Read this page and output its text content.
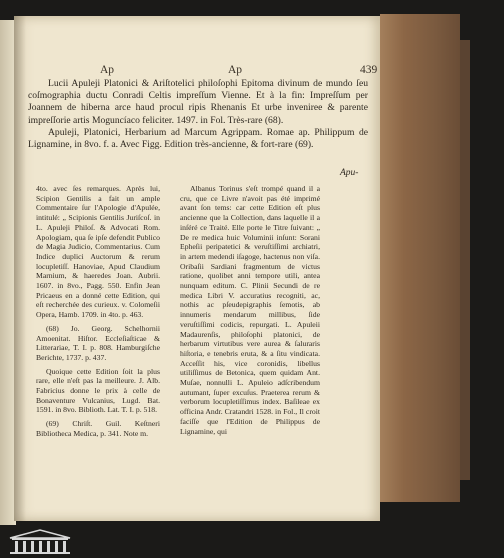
Ap	Ap	439

Lucii Apuleji Platonici & Ariſtotelici philoſophi Epitoma divinum de mundo ſeu coſmographia ductu Conradi Celtis impreſſum Vienne. Et à la fin: Impreſſum per Joannem de hiberna arce haud procul ripis Rhenanis Et urbe inveniree & parente impreſſorie artis Moguncíaco feliciter. 1497. in Fol. Très-rare (68).

Apuleji, Platonici, Herbarium ad Marcum Agrippam. Romae ap. Philippum de Lignamine, in 8vo. f. a. Avec Figg. Edition très-ancienne, & fort-rare (69).

Apu-

4to. avec ſes remarques. Après lui, Scipion Gentilis a fait un ample Commentaire ſur l'Apologie d'Apulée, intitulé: „ Scipionis Gentilis Juriſcoſ. in L. Apuleji Philoſ. & Advocati Rom. Apologiam, qua ſe ipſe defendit Publico de Magia Judicio, Commentarius. Cum Indice duplici Auctorum & rerum locupletiſſ. Hanoviae, Apud Claudium Marnium, & haeredes Joan. Aubrii. 1607. in 8vo., Pagg. 550. Enfin Jean Pricaeus en a donné cette Edition, qui eſt recherchée des curieux. v. Colomeſii Opera, Hamb. 1709. in 4to. p. 463.

(68) Jo. Georg. Schelhornii Amoenitat. Hiſtor. Eccleſiaſticae & Litterariae, T. I. p. 808. Hamburgiſche Berichte, 1737. p. 437.

Quoique cette Edition ſoit la plus rare, elle n'eſt pas la meilleure. J. Alb. Fabricius donne le prix à celle de Bonaventure Vulcanius, Lugd. Bat. 1591. in 8vo. Biblioth. Lat. T. I. p. 518.

(69) Chriſt. Guil. Keſtneri Bibliotheca Medica, p. 341. Note m.

Albanus Torinus s'eſt trompé quand il a cru, que ce Livre n'avoit pas été imprimé avant ſon tems: car cette Edition eſt plus ancienne que la Collection, dans laquelle il a inſéré ce Traité. Elle porte le Titre ſuivant: „ De re medica huic Voluminii inſunt: Sorani Epheſii peripatetici & veruſtiſſimi archiatri, in artem medendi iſagoge, hactenus non viſa. Oribaſii Sardiani fragmentum de victus ratione, quolibet anni tempore utili, antea nunquam editum. C. Plinii Secundi de re medica Libri V. accuratius recogniti, ac, nothis ac pſeudepigraphis ſemotis, ab innumeris mendarum millibus, ſide veruſtiſſimi codicis, repurgati. L. Apuleii Madaurenſis, philoſophi platonici, de herbarum virtutibus vere aurea & ſaluraris hiſtoria, e tenebris eruta, & a ſitu vindicata. Acceſſit his, vice coronidis, libellus utiliſſimus de Betonica, quem quidam Ant. Muſae, nonnulli L. Apuleio adſcribendum autumant, ſuper excuſus. Praeterea rerum & verborum locupletiſſimus index. Baſileae ex officina Andr. Cratandri 1528. in Fol., Il croit faciſſe que l'Edition de Philippus de Lignamine, qui
